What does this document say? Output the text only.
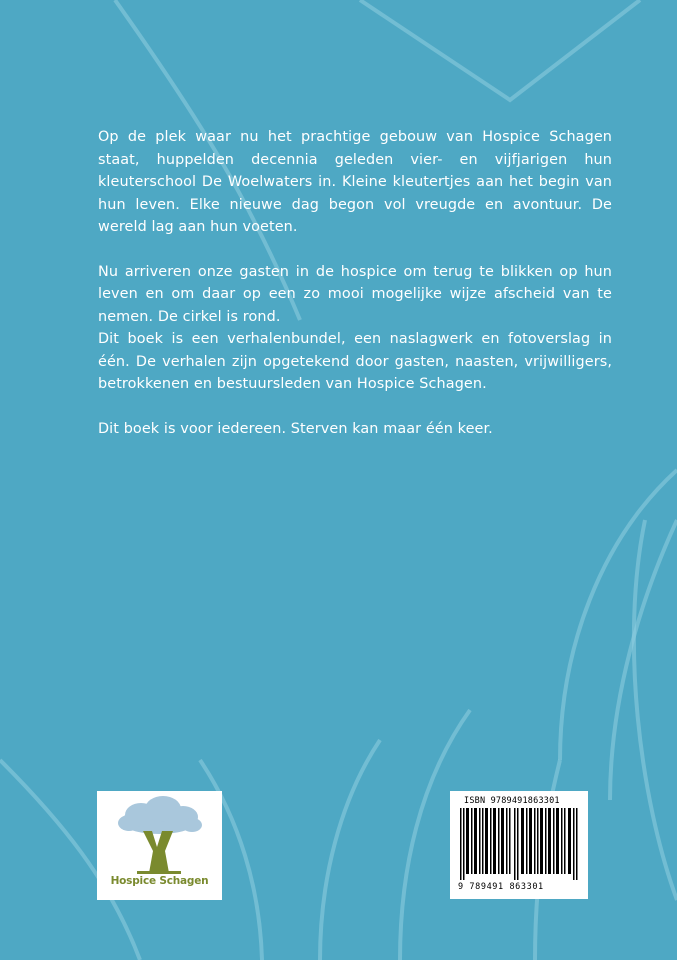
Op de plek waar nu het prachtige gebouw van Hospice Schagen staat, huppelden decennia geleden vier- en vijfjarigen hun kleuterschool De Woelwaters in. Kleine kleutertjes aan het begin van hun leven. Elke nieuwe dag begon vol vreugde en avontuur. De wereld lag aan hun voeten.

Nu arriveren onze gasten in de hospice om terug te blikken op hun leven en om daar op een zo mooi mogelijke wijze afscheid van te nemen. De cirkel is rond.

Dit boek is een verhalenbundel, een naslagwerk en fotoverslag in één. De verhalen zijn opgetekend door gasten, naasten, vrijwilligers, betrokkenen en bestuursleden van Hospice Schagen.

Dit boek is voor iedereen. Sterven kan maar één keer.

Hospice Schagen
ISBN 9789491863301
9 789491 863301
